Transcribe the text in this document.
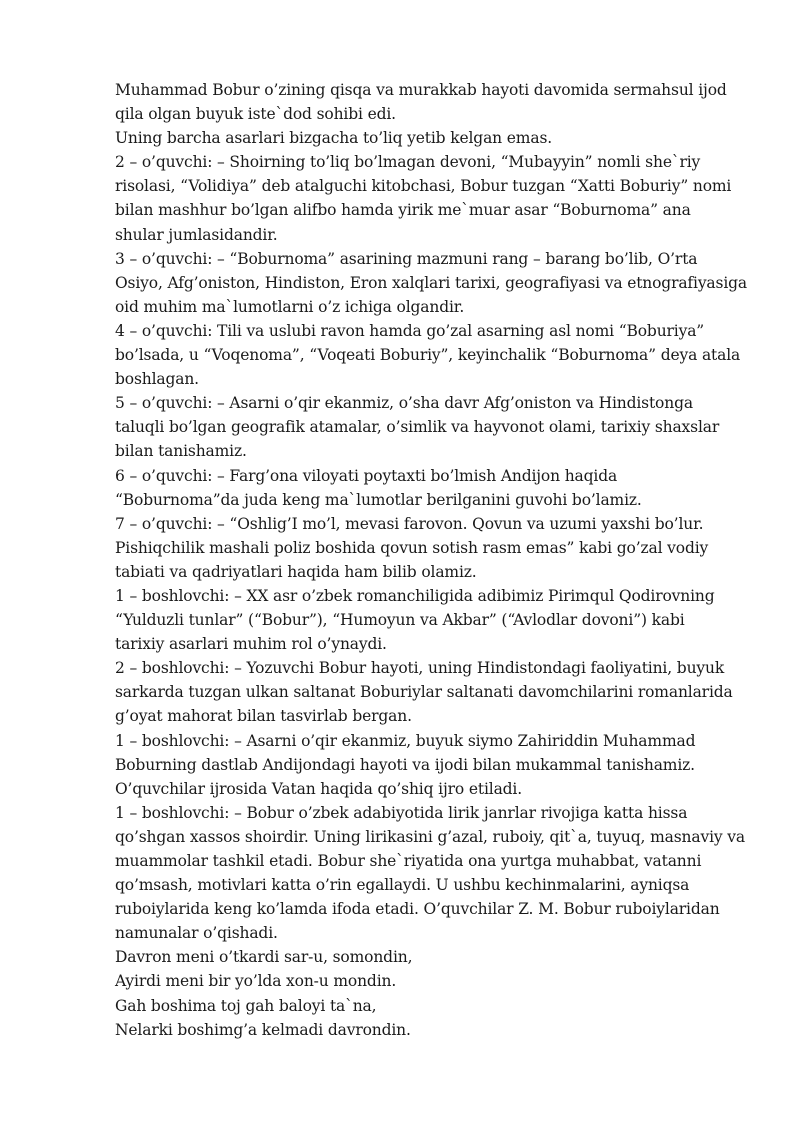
Muhammad Bobur o’zining qisqa va murakkab hayoti davomida sermahsul ijod
qila olgan buyuk iste`dod sohibi edi.
Uning barcha asarlari bizgacha to’liq yetib kelgan emas.
2 – o’quvchi: – Shoirning to’liq bo’lmagan devoni, “Mubayyin” nomli she`riy
risolasi, “Volidiya” deb atalguchi kitobchasi, Bobur tuzgan “Xatti Boburiy” nomi
bilan mashhur bo’lgan alifbo hamda yirik me`muar asar “Boburnoma” ana
shular jumlasidandir.
3 – o’quvchi: – “Boburnoma” asarining mazmuni rang – barang bo’lib, O’rta
Osiyo, Afg’oniston, Hindiston, Eron xalqlari tarixi, geografiyasi va etnografiyasiga
oid muhim ma`lumotlarni o’z ichiga olgandir.
4 – o’quvchi: Tili va uslubi ravon hamda go’zal asarning asl nomi “Boburiya”
bo’lsada, u “Voqenoma”, “Voqeati Boburiy”, keyinchalik “Boburnoma” deya atala
boshlagan.
5 – o’quvchi: – Asarni o’qir ekanmiz, o’sha davr Afg’oniston va Hindistonga
taluqli bo’lgan geografik atamalar, o’simlik va hayvonot olami, tarixiy shaxslar
bilan tanishamiz.
6 – o’quvchi: – Farg’ona viloyati poytaxti bo’lmish Andijon haqida
“Boburnoma”da juda keng ma`lumotlar berilganini guvohi bo’lamiz.
7 – o’quvchi: – “Oshlig’I mo’l, mevasi farovon. Qovun va uzumi yaxshi bo’lur.
Pishiqchilik mashali poliz boshida qovun sotish rasm emas” kabi go’zal vodiy
tabiati va qadriyatlari haqida ham bilib olamiz.
1 – boshlovchi: – XX asr o’zbek romanchiligida adibimiz Pirimqul Qodirovning
“Yulduzli tunlar” (“Bobur”), “Humoyun va Akbar” (“Avlodlar dovoni”) kabi
tarixiy asarlari muhim rol o’ynaydi.
2 – boshlovchi: – Yozuvchi Bobur hayoti, uning Hindistondagi faoliyatini, buyuk
sarkarda tuzgan ulkan saltanat Boburiylar saltanati davomchilarini romanlarida
g’oyat mahorat bilan tasvirlab bergan.
1 – boshlovchi: – Asarni o’qir ekanmiz, buyuk siymo Zahiriddin Muhammad
Boburning dastlab Andijondagi hayoti va ijodi bilan mukammal tanishamiz.
O’quvchilar ijrosida Vatan haqida qo’shiq ijro etiladi.
1 – boshlovchi: – Bobur o’zbek adabiyotida lirik janrlar rivojiga katta hissa
qo’shgan xassos shoirdir. Uning lirikasini g’azal, ruboiy, qit`a, tuyuq, masnaviy va
muammolar tashkil etadi. Bobur she`riyatida ona yurtga muhabbat, vatanni
qo’msash, motivlari katta o’rin egallaydi. U ushbu kechinmalarini, ayniqsa
ruboiylarida keng ko’lamda ifoda etadi. O’quvchilar Z. M. Bobur ruboiylaridan
namunalar o’qishadi.
Davron meni o’tkardi sar-u, somondin,
Ayirdi meni bir yo’lda xon-u mondin.
Gah boshima toj gah baloyi ta`na,
Nelarki boshimg’a kelmadi davrondin.
